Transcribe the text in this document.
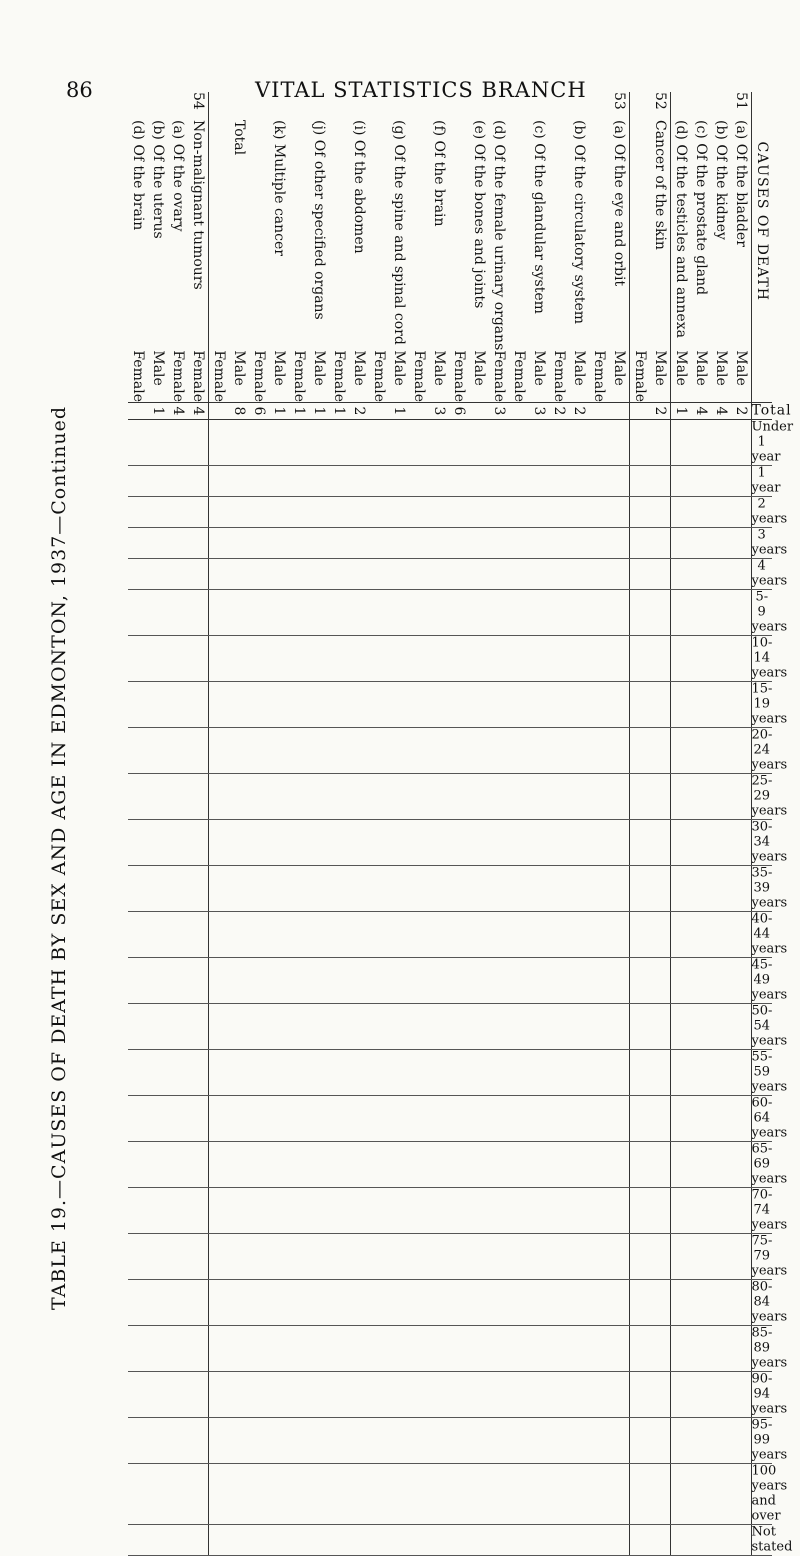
86	VITAL STATISTICS BRANCH
TABLE 19.—CAUSES OF DEATH BY SEX AND AGE IN EDMONTON, 1937—Continued
CAUSES OF DEATH		Total	Under 1 year	1 year	2 years	3 years	4 years	5-9 years	10-14 years	15-19 years	20-24 years	25-29 years	30-34 years	35-39 years	40-44 years	45-49 years	50-54 years	55-59 years	60-64 years	65-69 years	70-74 years	75-79 years	80-84 years	85-89 years	90-94 years	95-99 years	100 years and over	Not stated
51(a) Of the bladder	Male	2																										
(b) Of the kidney	Male	4																										
(c) Of the prostate gland	Male	4																										
(d) Of the testicles and annexa	Male	1																										
52Cancer of the skin	Male	2																										
	Female																											
53(a) Of the eye and orbit	Male																											
	Female																											
(b) Of the circulatory system	Male	2																										
	Female	2																										
(c) Of the glandular system	Male	3																										
	Female																											
(d) Of the female urinary organs	Female	3																										
(e) Of the bones and joints	Male																											
	Female	6																										
(f) Of the brain	Male	3																										
	Female																											
(g) Of the spine and spinal cord	Male	1																										
	Female																											
(i) Of the abdomen	Male	2																										
	Female	1																										
(j) Of other specified organs	Male	1																										
	Female	1																										
(k) Multiple cancer	Male	1																										
	Female	6																										
Total	Male	8																										
	Female																											
54Non-malignant tumours	Female	4																										
(a) Of the ovary	Female	4																										
(b) Of the uterus	Male	1																										
(d) Of the brain	Female																											
